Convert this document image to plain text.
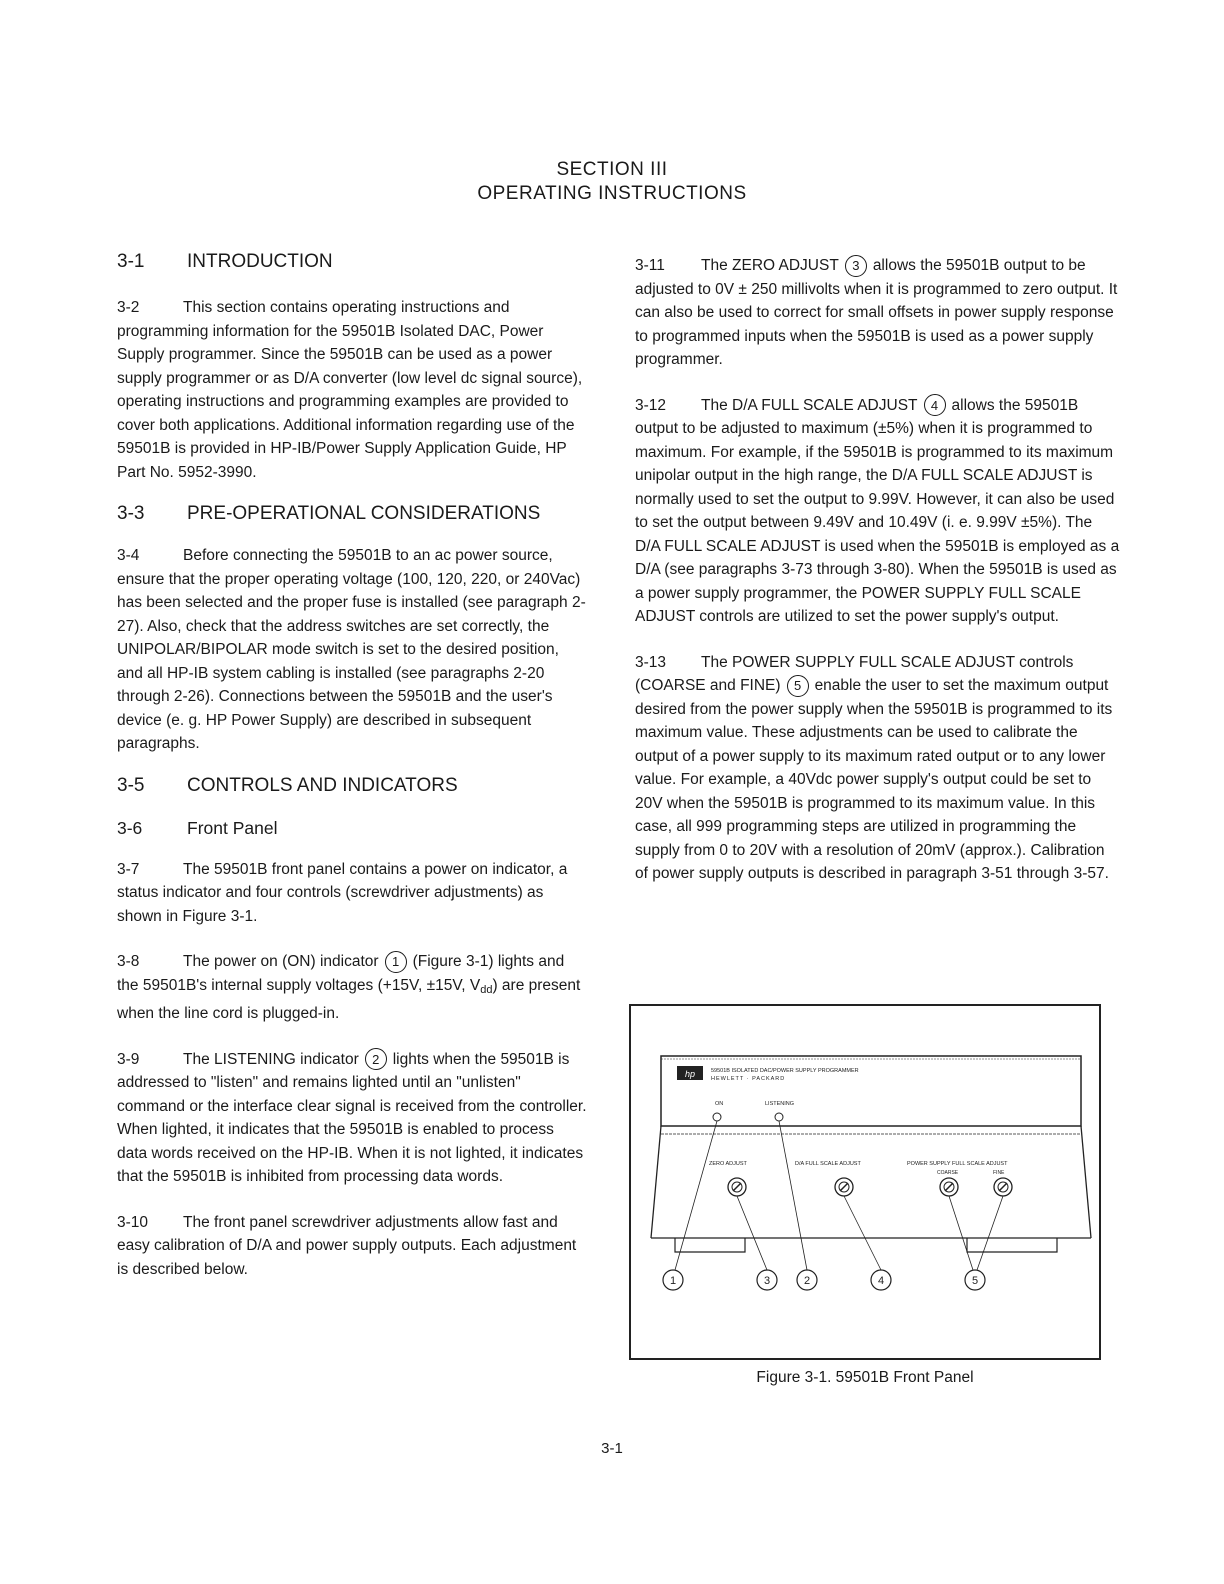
SECTION III
OPERATING INSTRUCTIONS
3-1	INTRODUCTION

3-2	This section contains operating instructions and programming information for the 59501B Isolated DAC, Power Supply programmer. Since the 59501B can be used as a power supply programmer or as D/A converter (low level dc signal source), operating instructions and programming examples are provided to cover both applications. Additional information regarding use of the 59501B is provided in HP-IB/Power Supply Application Guide, HP Part No. 5952-3990.

3-3	PRE-OPERATIONAL CONSIDERATIONS

3-4	Before connecting the 59501B to an ac power source, ensure that the proper operating voltage (100, 120, 220, or 240Vac) has been selected and the proper fuse is installed (see paragraph 2-27). Also, check that the address switches are set correctly, the UNIPOLAR/BIPOLAR mode switch is set to the desired position, and all HP-IB system cabling is installed (see paragraphs 2-20 through 2-26). Connections between the 59501B and the user's device (e. g. HP Power Supply) are described in subsequent paragraphs.

3-5	CONTROLS AND INDICATORS
3-6	Front Panel

3-7	The 59501B front panel contains a power on indicator, a status indicator and four controls (screwdriver adjustments) as shown in Figure 3-1.

3-8	The power on (ON) indicator 1 (Figure 3-1) lights and the 59501B's internal supply voltages (+15V, ±15V, $V_{dd}$) are present when the line cord is plugged-in.

3-9	The LISTENING indicator 2 lights when the 59501B is addressed to "listen" and remains lighted until an "unlisten" command or the interface clear signal is received from the controller. When lighted, it indicates that the 59501B is enabled to process data words received on the HP-IB. When it is not lighted, it indicates that the 59501B is inhibited from processing data words.

3-10 The front panel screwdriver adjustments allow fast and easy calibration of D/A and power supply outputs. Each adjustment is described below.

3-11 The ZERO ADJUST 3 allows the 59501B output to be adjusted to 0V ± 250 millivolts when it is programmed to zero output. It can also be used to correct for small offsets in power supply response to programmed inputs when the 59501B is used as a power supply programmer.

3-12 The D/A FULL SCALE ADJUST 4 allows the 59501B output to be adjusted to maximum (±5%) when it is programmed to maximum. For example, if the 59501B is programmed to its maximum unipolar output in the high range, the D/A FULL SCALE ADJUST is normally used to set the output to 9.99V. However, it can also be used to set the output between 9.49V and 10.49V (i. e. 9.99V ±5%). The D/A FULL SCALE ADJUST is used when the 59501B is employed as a D/A (see paragraphs 3-73 through 3-80). When the 59501B is used as a power supply programmer, the POWER SUPPLY FULL SCALE ADJUST controls are utilized to set the power supply's output.

3-13 The POWER SUPPLY FULL SCALE ADJUST controls (COARSE and FINE) 5 enable the user to set the maximum output desired from the power supply when the 59501B is programmed to its maximum value. These adjustments can be used to calibrate the output of a power supply to its maximum rated output or to any lower value. For example, a 40Vdc power supply's output could be set to 20V when the 59501B is programmed to its maximum value. In this case, all 999 programming steps are utilized in programming the supply from 0 to 20V with a resolution of 20mV (approx.). Calibration of power supply outputs is described in paragraph 3-51 through 3-57.

hp	59501B ISOLATED DAC/POWER SUPPLY PROGRAMMER
HEWLETT · PACKARD
ON	LISTENING
ZERO ADJUST	D/A FULL SCALE ADJUST	POWER SUPPLY FULL SCALE ADJUST
COARSE	FINE
1	3	2	4	5
Figure 3-1. 59501B Front Panel
3-1
